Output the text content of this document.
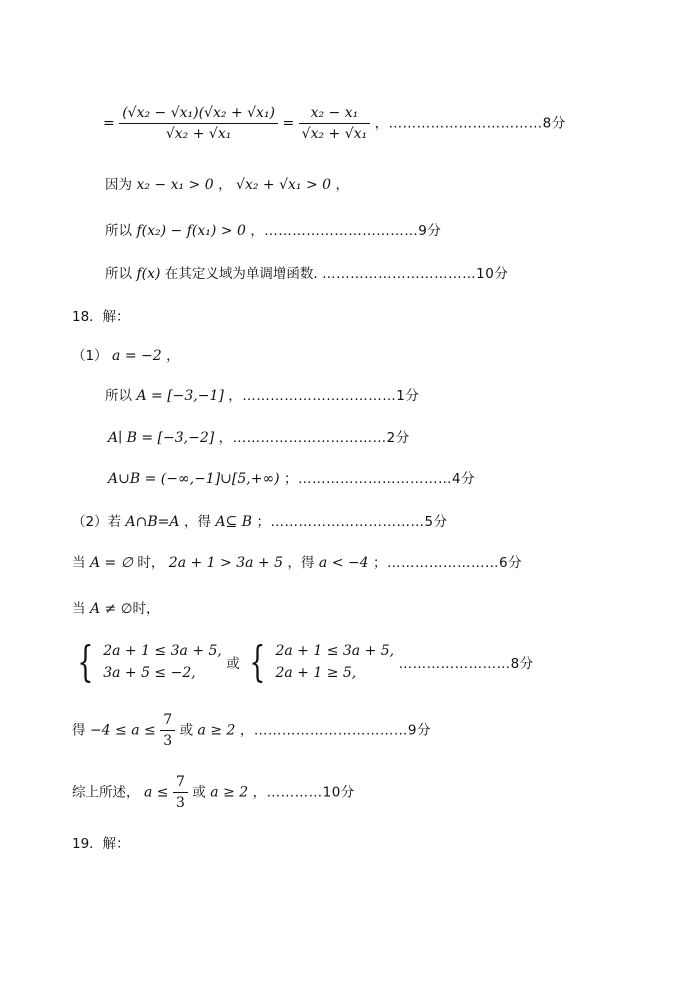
= $\frac{\text{(√x₂ − √x₁)(√x₂ + √x₁)}}{\text{√x₂ + √x₁}} = \frac{\text{x₂ − x₁}}{\text{√x₂ + √x₁}}$ ，……………………………8分
因为 x₂ − x₁ > 0 ， √x₂ + √x₁ > 0 ，
所以 f(x₂) − f(x₁) > 0 ，……………………………9分
所以 f(x) 在其定义域为单调增函数. ……………………………10分
18．解：
（1） a = −2 ，
所以 A = [−3,−1] ，……………………………1分
A∣ B = [−3,−2] ，……………………………2分
A∪B = (−∞,−1]∪[5,+∞) ；……………………………4分
（2）若 A∩B=A ，得 A⊆ B ；……………………………5分
当 A = ∅ 时， 2a + 1 > 3a + 5 ，得 a < −4 ；……………………6分
当 A ≠ ∅时，
{ 2a + 1 ≤ 3a + 5,
3a + 5 ≤ −2,
或 { 2a + 1 ≤ 3a + 5,
2a + 1 ≥ 5,
……………………8分
得 $-4 \le a \le \frac{7}{3}$ 或 a ≥ 2 ，……………………………9分
综上所述， $a \le \frac{7}{3}$ 或 a ≥ 2 ，…………10分
19．解：
